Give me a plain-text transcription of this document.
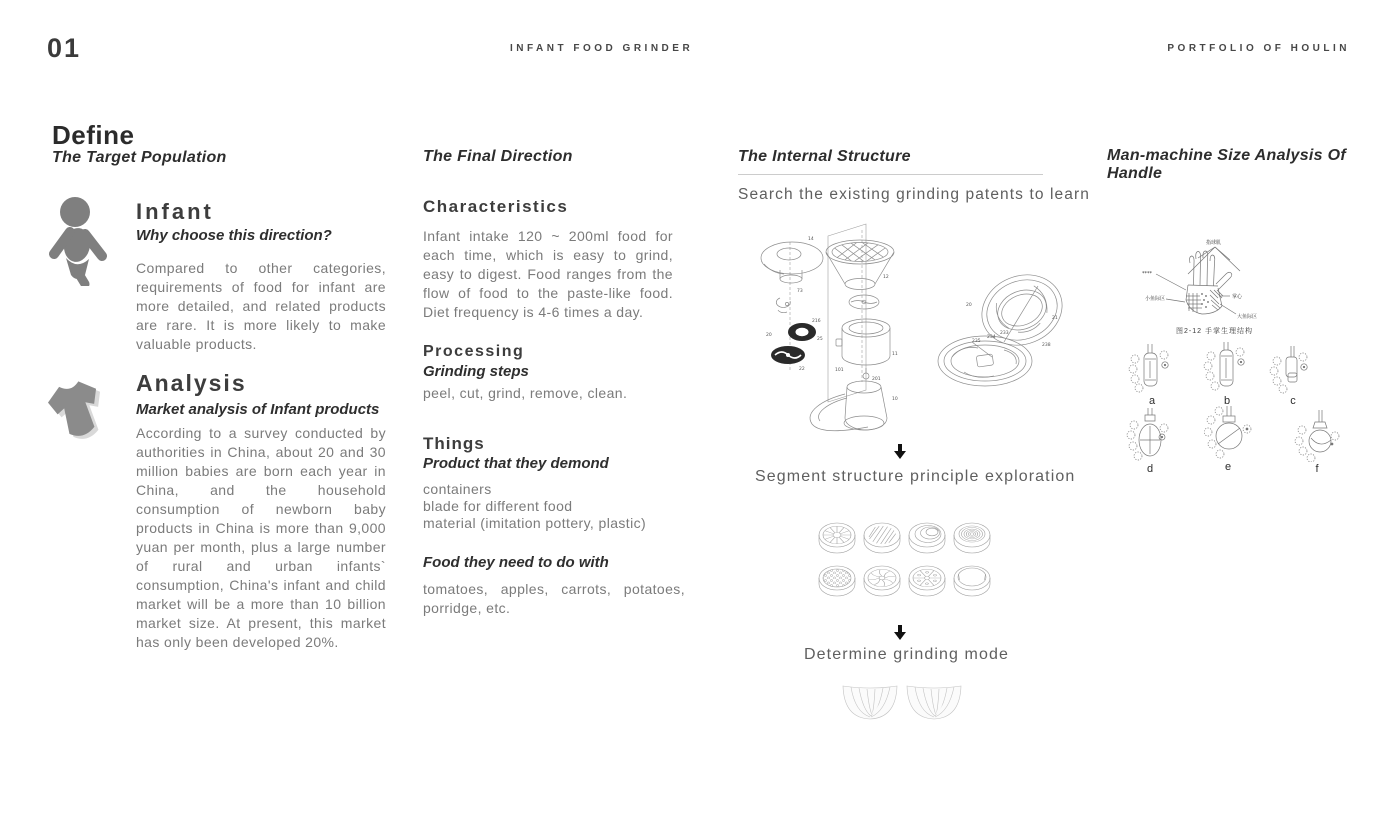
01	INFANT FOOD GRINDER	PORTFOLIO OF HOULIN
Define
The Target Population
Infant
Why choose this direction?
Compared to other categories, requirements of food for infant are more detailed, and related products are rare. It is more likely to make valuable products.
Analysis
Market analysis of Infant products
According to a survey conducted by authorities in China, about 20 and 30 million babies are born each year in China, and the household consumption of newborn baby products in China is more than 9,000 yuan per month, plus a large number of rural and urban infants` consumption, China's infant and child market will be a more than 10 billion market size. At present, this market has only been developed 20%.
The Final Direction
Characteristics
Infant intake 120 ~ 200ml food for each time, which is easy to grind, easy to digest. Food ranges from the flow of food to the paste-like food. Diet frequency is 4-6 times a day.
Processing
Grinding steps
peel, cut, grind, remove, clean.
Things
Product that they demond
containers
blade for different food
material (imitation pottery, plastic)
Food they need to do with
tomatoes, apples, carrots, potatoes, porridge, etc.
The Internal Structure
Search the existing grinding patents to learn
14
12
73
216
25
20
22
11
101
201
10
20
235
234
233
238
21
Segment structure principle exploration
Determine grinding mode
Man-machine Size Analysis Of Handle
指球肌
****
小鱼际区	掌心
大鱼际区
图2-12 手掌生理结构
a	b	c
d	e	f
